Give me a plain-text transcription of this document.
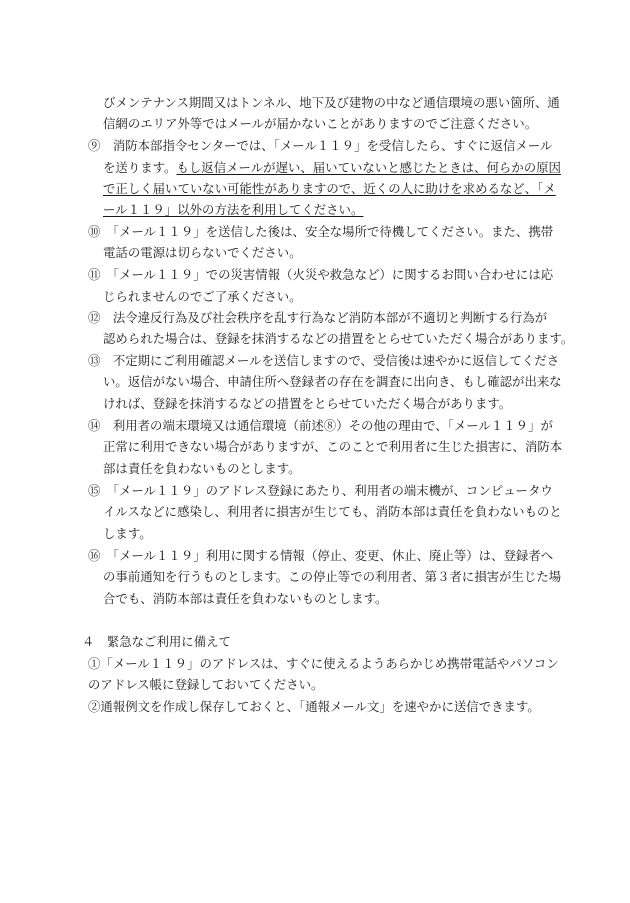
びメンテナンス期間又はトンネル、地下及び建物の中など通信環境の悪い箇所、通
信網のエリア外等ではメールが届かないことがありますのでご注意ください。
⑨　消防本部指令センターでは、「メール１１９」を受信したら、すぐに返信メール
を送ります。もし返信メールが遅い、届いていないと感じたときは、何らかの原因
で正しく届いていない可能性がありますので、近くの人に助けを求めるなど、「メ
ール１１９」以外の方法を利用してください。
⑩　「メール１１９」を送信した後は、安全な場所で待機してください。また、携帯
電話の電源は切らないでください。
⑪　「メール１１９」での災害情報（火災や救急など）に関するお問い合わせには応
じられませんのでご了承ください。
⑫　法令違反行為及び社会秩序を乱す行為など消防本部が不適切と判断する行為が
認められた場合は、登録を抹消するなどの措置をとらせていただく場合があります。
⑬　不定期にご利用確認メールを送信しますので、受信後は速やかに返信してくださ
い。返信がない場合、申請住所へ登録者の存在を調査に出向き、もし確認が出来な
ければ、登録を抹消するなどの措置をとらせていただく場合があります。
⑭　利用者の端末環境又は通信環境（前述⑧）その他の理由で、「メール１１９」が
正常に利用できない場合がありますが、このことで利用者に生じた損害に、消防本
部は責任を負わないものとします。
⑮　「メール１１９」のアドレス登録にあたり、利用者の端末機が、コンピュータウ
イルスなどに感染し、利用者に損害が生じても、消防本部は責任を負わないものと
します。
⑯　「メール１１９」利用に関する情報（停止、変更、休止、廃止等）は、登録者へ
の事前通知を行うものとします。この停止等での利用者、第３者に損害が生じた場
合でも、消防本部は責任を負わないものとします。
４　緊急なご利用に備えて
①「メール１１９」のアドレスは、すぐに使えるようあらかじめ携帯電話やパソコン
のアドレス帳に登録しておいてください。
②通報例文を作成し保存しておくと、「通報メール文」を速やかに送信できます。
